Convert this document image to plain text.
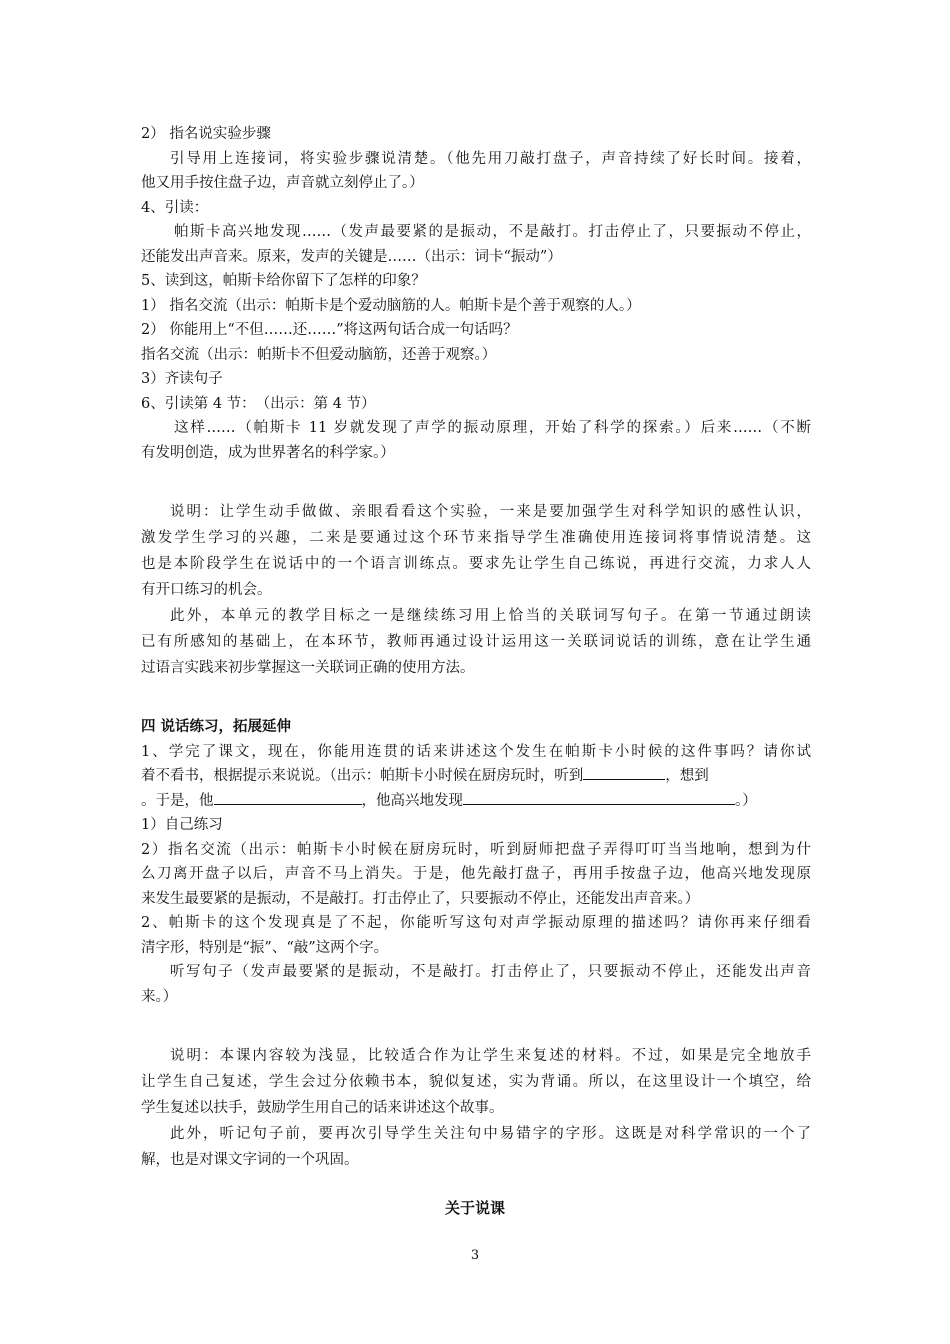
2） 指名说实验步骤
引导用上连接词，将实验步骤说清楚。（他先用刀敲打盘子，声音持续了好长时间。接着，
他又用手按住盘子边，声音就立刻停止了。）
4、引读：
帕斯卡高兴地发现……（发声最要紧的是振动，不是敲打。打击停止了，只要振动不停止，
还能发出声音来。原来，发声的关键是……（出示：词卡“振动”）
5、读到这，帕斯卡给你留下了怎样的印象？
1） 指名交流（出示：帕斯卡是个爱动脑筋的人。帕斯卡是个善于观察的人。）
2） 你能用上“不但……还……”将这两句话合成一句话吗？
指名交流（出示：帕斯卡不但爱动脑筋，还善于观察。）
3）齐读句子
6、引读第 4 节：　（出示：第 4 节）
这样……（帕斯卡 11 岁就发现了声学的振动原理，开始了科学的探索。）后来……（不断
有发明创造，成为世界著名的科学家。）
说明：让学生动手做做、亲眼看看这个实验，一来是要加强学生对科学知识的感性认识，
激发学生学习的兴趣，二来是要通过这个环节来指导学生准确使用连接词将事情说清楚。这
也是本阶段学生在说话中的一个语言训练点。要求先让学生自己练说，再进行交流，力求人人
有开口练习的机会。
此外，本单元的教学目标之一是继续练习用上恰当的关联词写句子。在第一节通过朗读
已有所感知的基础上，在本环节，教师再通过设计运用这一关联词说话的训练，意在让学生通
过语言实践来初步掌握这一关联词正确的使用方法。
四 说话练习，拓展延伸
1、学完了课文，现在，你能用连贯的话来讲述这个发生在帕斯卡小时候的这件事吗？请你试
着不看书，根据提示来说说。（出示：帕斯卡小时候在厨房玩时，听到	，想到
。于是，他	，他高兴地发现	。）
1）自己练习
2）指名交流（出示：帕斯卡小时候在厨房玩时，听到厨师把盘子弄得叮叮当当地响，想到为什
么刀离开盘子以后，声音不马上消失。于是，他先敲打盘子，再用手按盘子边，他高兴地发现原
来发生最要紧的是振动，不是敲打。打击停止了，只要振动不停止，还能发出声音来。）
2、帕斯卡的这个发现真是了不起，你能听写这句对声学振动原理的描述吗？请你再来仔细看
清字形，特别是“振”、“敲”这两个字。
听写句子（发声最要紧的是振动，不是敲打。打击停止了，只要振动不停止，还能发出声音
来。）
说明：本课内容较为浅显，比较适合作为让学生来复述的材料。不过，如果是完全地放手
让学生自己复述，学生会过分依赖书本，貌似复述，实为背诵。所以，在这里设计一个填空，给
学生复述以扶手，鼓励学生用自己的话来讲述这个故事。
此外，听记句子前，要再次引导学生关注句中易错字的字形。这既是对科学常识的一个了
解，也是对课文字词的一个巩固。
关于说课
3
